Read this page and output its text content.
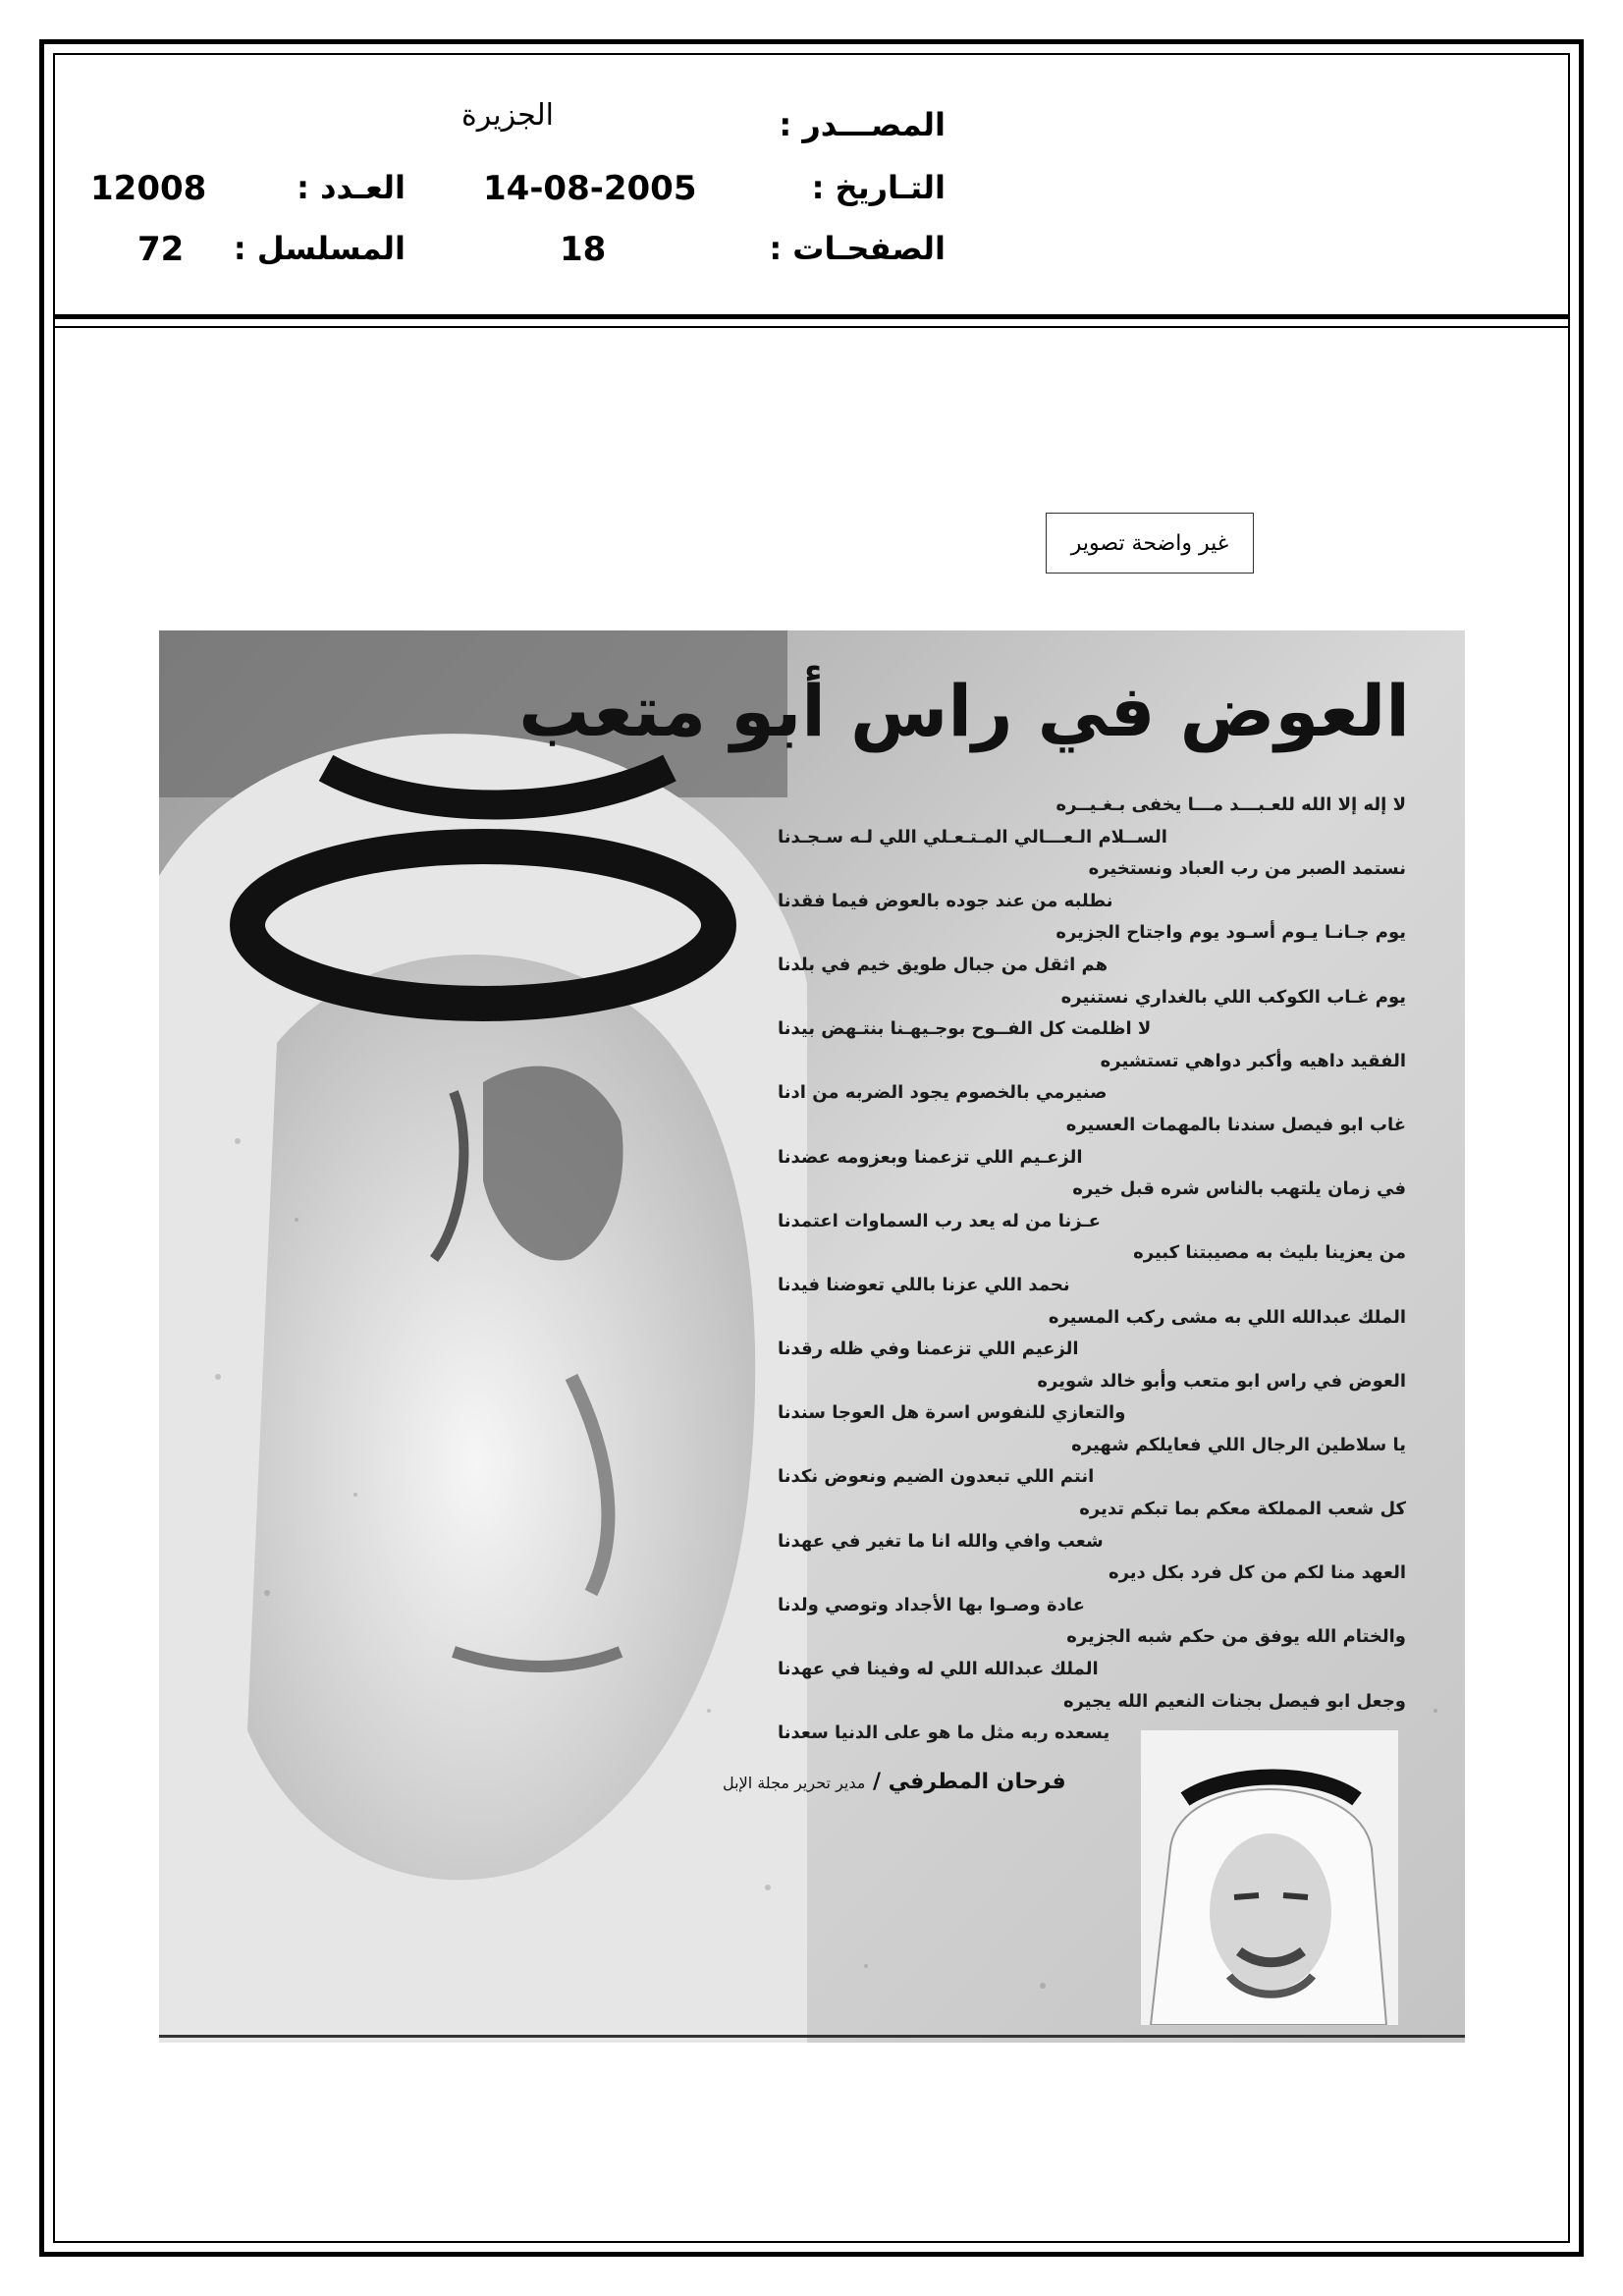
المصـــدر :
الجزيرة
التـاريخ :
14-08-2005
العـدد :
12008
الصفحـات :
18
المسلسل :
72
غير واضحة تصوير
العوض في راس أبو متعب
لا إله إلا الله للعـبـــد مـــا يخفى بـغـيــره
الســلام الـعـــالي المـتـعـلي اللي لـه سـجـدنا
نستمد الصبر من رب العباد ونستخيره
نطلبه من عند جوده بالعوض فيما فقدنا
يوم جـانـا يـوم أسـود يوم واجتاح الجزيره
هم اثقل من جبال طويق خيم في بلدنا
يوم غـاب الكوكب اللي بالغداري نستنيره
لا اظلمت كل الفــوح بوجـيهـنا بنتـهض بيدنا
الفقيد داهيه وأكبر دواهي تستشيره
صنيرمي بالخصوم يجود الضربه من ادنا
غاب ابو فيصل سندنا بالمهمات العسيره
الزعـيم اللي تزعمنا وبعزومه عضدنا
في زمان يلتهب بالناس شره قبل خيره
عـزنا من له يعد رب السماوات اعتمدنا
من يعزينا بليث به مصيبتنا كبيره
نحمد اللي عزنا باللي تعوضنا فيدنا
الملك عبدالله اللي به مشى ركب المسيره
الزعيم اللي تزعمنا وفي ظله رقدنا
العوض في راس ابو متعب وأبو خالد شويره
والتعازي للنفوس اسرة هل العوجا سندنا
يا سلاطين الرجال اللي فعايلكم شهيره
انتم اللي تبعدون الضيم ونعوض نكدنا
كل شعب المملكة معكم بما تبكم تديره
شعب وافي والله انا ما تغير في عهدنا
العهد منا لكم من كل فرد بكل ديره
عادة وصـوا بها الأجداد وتوصي ولدنا
والختام الله يوفق من حكم شبه الجزيره
الملك عبدالله اللي له وفينا في عهدنا
وجعل ابو فيصل بجنات النعيم الله يجيره
يسعده ربه مثل ما هو على الدنيا سعدنا
فرحان المطرفي / مدير تحرير مجلة الإبل
